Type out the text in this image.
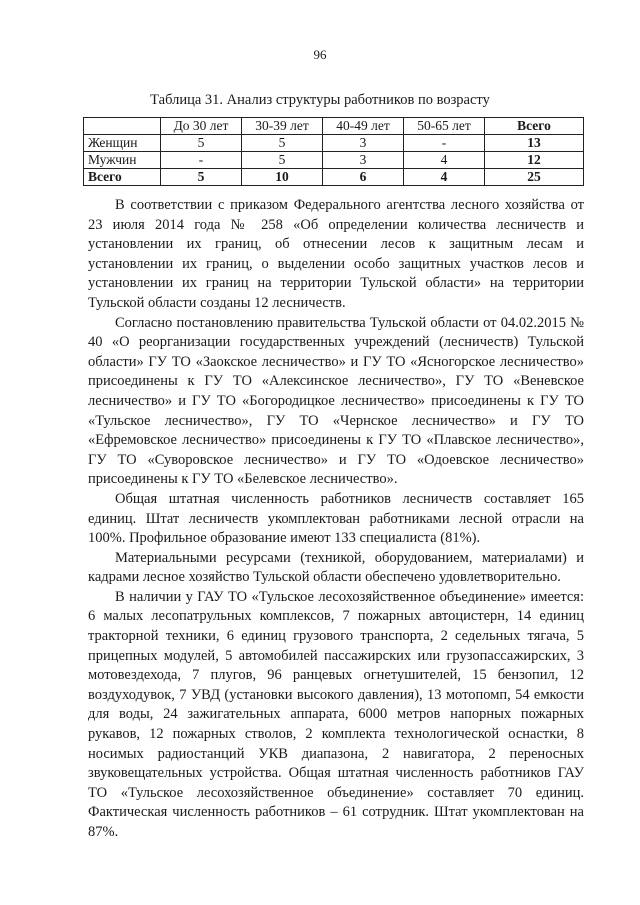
96
Таблица 31. Анализ структуры работников по возрасту
	До 30 лет	30-39 лет	40-49 лет	50-65 лет	Всего
Женщин	5	5	3	-	13
Мужчин	-	5	3	4	12
Всего	5	10	6	4	25

В соответствии с приказом Федерального агентства лесного хозяйства от 23 июля 2014 года № 258 «Об определении количества лесничеств и установлении их границ, об отнесении лесов к защитным лесам и установлении их границ, о выделении особо защитных участков лесов и установлении их границ на территории Тульской области» на территории Тульской области созданы 12 лесничеств.

Согласно постановлению правительства Тульской области от 04.02.2015 № 40 «О реорганизации государственных учреждений (лесничеств) Тульской области» ГУ ТО «Заокское лесничество» и ГУ ТО «Ясногорское лесничество» присоединены к ГУ ТО «Алексинское лесничество», ГУ ТО «Веневское лесничество» и ГУ ТО «Богородицкое лесничество» присоединены к ГУ ТО «Тульское лесничество», ГУ ТО «Чернское лесничество» и ГУ ТО «Ефремовское лесничество» присоединены к ГУ ТО «Плавское лесничество», ГУ ТО «Суворовское лесничество» и ГУ ТО «Одоевское лесничество» присоединены к ГУ ТО «Белевское лесничество».

Общая штатная численность работников лесничеств составляет 165 единиц. Штат лесничеств укомплектован работниками лесной отрасли на 100%. Профильное образование имеют 133 специалиста (81%).

Материальными ресурсами (техникой, оборудованием, материалами) и кадрами лесное хозяйство Тульской области обеспечено удовлетворительно.

В наличии у ГАУ ТО «Тульское лесохозяйственное объединение» имеется: 6 малых лесопатрульных комплексов, 7 пожарных автоцистерн, 14 единиц тракторной техники, 6 единиц грузового транспорта, 2 седельных тягача, 5 прицепных модулей, 5 автомобилей пассажирских или грузопассажирских, 3 мотовездехода, 7 плугов, 96 ранцевых огнетушителей, 15 бензопил, 12 воздуходувок, 7 УВД (установки высокого давления), 13 мотопомп, 54 емкости для воды, 24 зажигательных аппарата, 6000 метров напорных пожарных рукавов, 12 пожарных стволов, 2 комплекта технологической оснастки, 8 носимых радиостанций УКВ диапазона, 2 навигатора, 2 переносных звуковещательных устройства. Общая штатная численность работников ГАУ ТО «Тульское лесохозяйственное объединение» составляет 70 единиц. Фактическая численность работников – 61 сотрудник. Штат укомплектован на 87%.
